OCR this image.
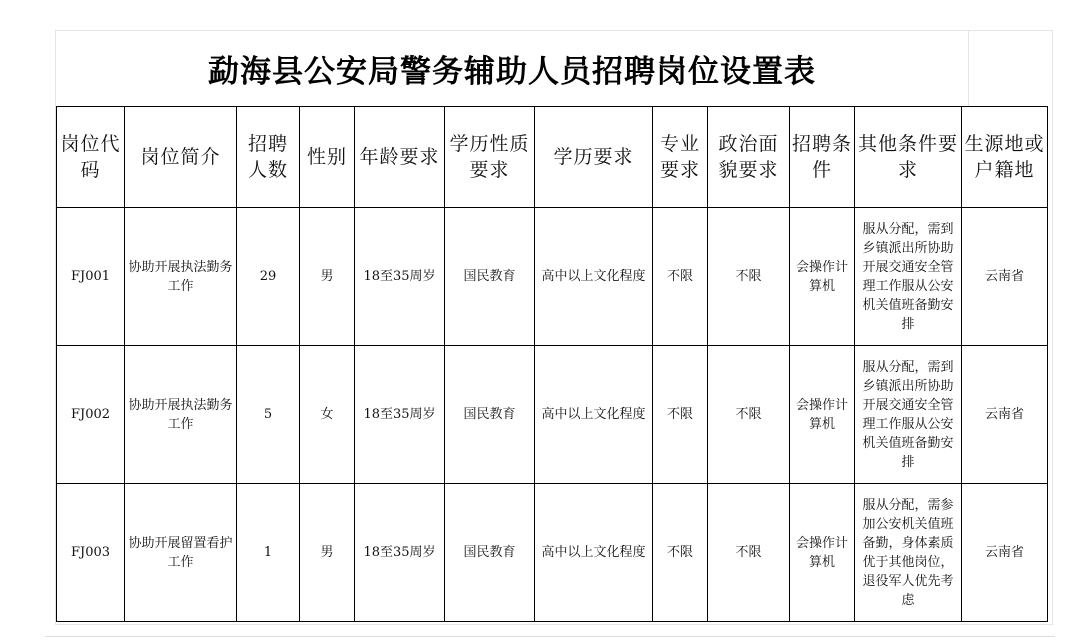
勐海县公安局警务辅助人员招聘岗位设置表
岗位代码	岗位简介	招聘人数	性别	年龄要求	学历性质要求	学历要求	专业要求	政治面貌要求	招聘条件	其他条件要求	生源地或户籍地
FJ001	协助开展执法勤务工作	29	男	18至35周岁	国民教育	高中以上文化程度	不限	不限	会操作计算机	服从分配，需到乡镇派出所协助开展交通安全管理工作服从公安机关值班备勤安排	云南省
FJ002	协助开展执法勤务工作	5	女	18至35周岁	国民教育	高中以上文化程度	不限	不限	会操作计算机	服从分配，需到乡镇派出所协助开展交通安全管理工作服从公安机关值班备勤安排	云南省
FJ003	协助开展留置看护工作	1	男	18至35周岁	国民教育	高中以上文化程度	不限	不限	会操作计算机	服从分配，需参加公安机关值班备勤，身体素质优于其他岗位，退役军人优先考虑	云南省
